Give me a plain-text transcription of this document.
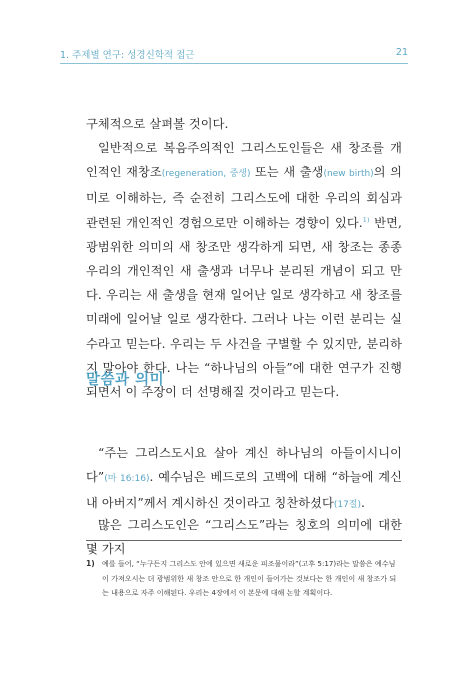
1. 주제별 연구: 성경신학적 접근	21

구체적으로 살펴볼 것이다.

일반적으로 복음주의적인 그리스도인들은 새 창조를 개인적인 재창조(regeneration, 중생) 또는 새 출생(new birth)의 의미로 이해하는, 즉 순전히 그리스도에 대한 우리의 회심과 관련된 개인적인 경험으로만 이해하는 경향이 있다.$^{1)}$ 반면, 광범위한 의미의 새 창조만 생각하게 되면, 새 창조는 종종 우리의 개인적인 새 출생과 너무나 분리된 개념이 되고 만다. 우리는 새 출생을 현재 일어난 일로 생각하고 새 창조를 미래에 일어날 일로 생각한다. 그러나 나는 이런 분리는 실수라고 믿는다. 우리는 두 사건을 구별할 수 있지만, 분리하지 말아야 한다. 나는 “하나님의 아들”에 대한 연구가 진행되면서 이 주장이 더 선명해질 것이라고 믿는다.

말씀과 의미

“주는 그리스도시요 살아 계신 하나님의 아들이시니이다”(마 16:16). 예수님은 베드로의 고백에 대해 “하늘에 계신 내 아버지”께서 계시하신 것이라고 칭찬하셨다(17절).

많은 그리스도인은 “그리스도”라는 칭호의 의미에 대한 몇 가지

1) 예를 들어, “누구든지 그리스도 안에 있으면 새로운 피조물이라”(고후 5:17)라는 말씀은 예수님이 가져오시는 더 광범위한 새 창조 안으로 한 개인이 들어가는 것보다는 한 개인이 새 창조가 되는 내용으로 자주 이해된다. 우리는 4장에서 이 본문에 대해 논할 계획이다.
